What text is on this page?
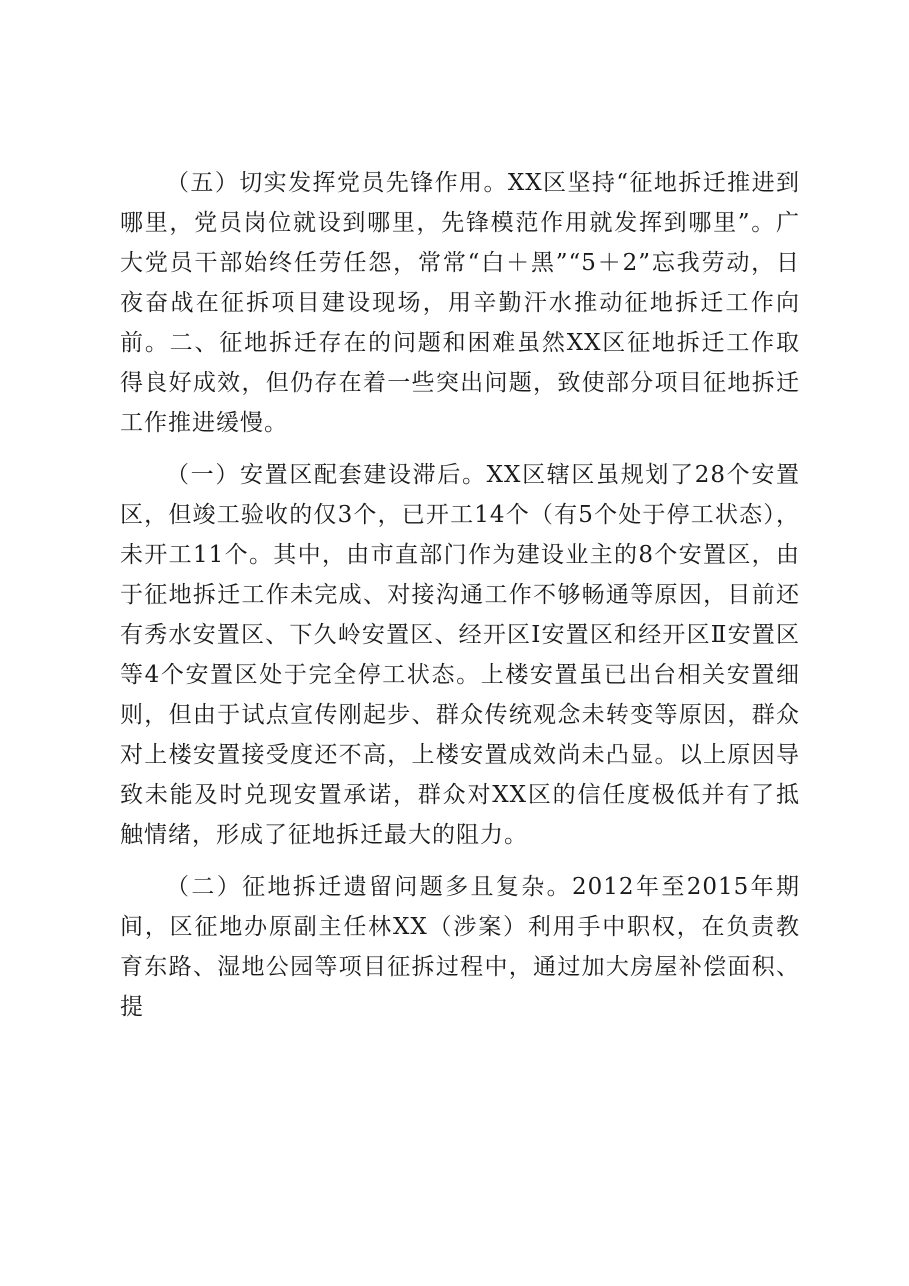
（五）切实发挥党员先锋作用。XX区坚持“征地拆迁推进到哪里，党员岗位就设到哪里，先锋模范作用就发挥到哪里”。广大党员干部始终任劳任怨，常常“白＋黑”“5＋2”忘我劳动，日夜奋战在征拆项目建设现场，用辛勤汗水推动征地拆迁工作向前。二、征地拆迁存在的问题和困难虽然XX区征地拆迁工作取得良好成效，但仍存在着一些突出问题，致使部分项目征地拆迁工作推进缓慢。

（一）安置区配套建设滞后。XX区辖区虽规划了28个安置区，但竣工验收的仅3个，已开工14个（有5个处于停工状态），未开工11个。其中，由市直部门作为建设业主的8个安置区，由于征地拆迁工作未完成、对接沟通工作不够畅通等原因，目前还有秀水安置区、下久岭安置区、经开区Ⅰ安置区和经开区Ⅱ安置区等4个安置区处于完全停工状态。上楼安置虽已出台相关安置细则，但由于试点宣传刚起步、群众传统观念未转变等原因，群众对上楼安置接受度还不高，上楼安置成效尚未凸显。以上原因导致未能及时兑现安置承诺，群众对XX区的信任度极低并有了抵触情绪，形成了征地拆迁最大的阻力。

（二）征地拆迁遗留问题多且复杂。2012年至2015年期间，区征地办原副主任林XX（涉案）利用手中职权，在负责教育东路、湿地公园等项目征拆过程中，通过加大房屋补偿面积、提
